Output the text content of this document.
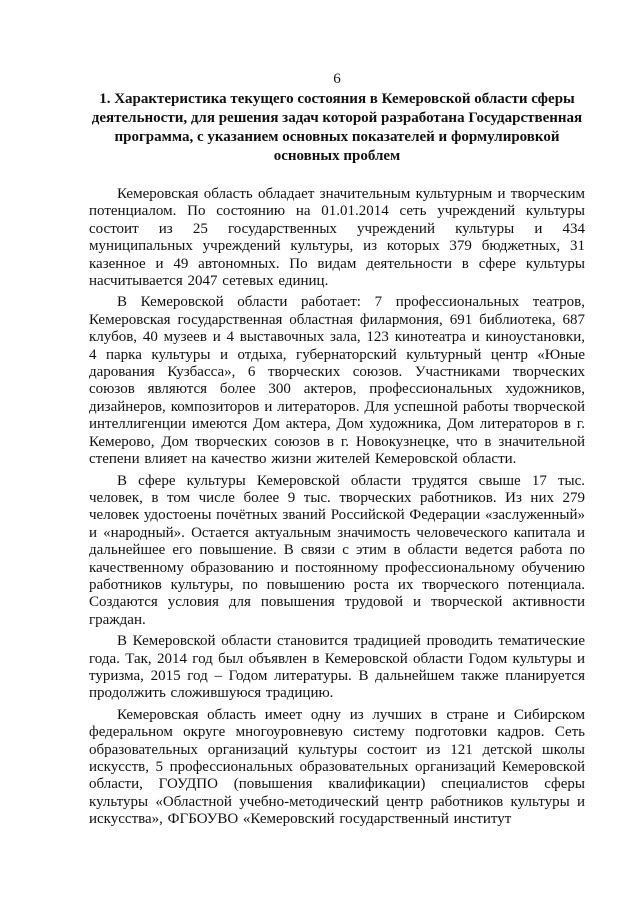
6
1. Характеристика текущего состояния в Кемеровской области сферы деятельности, для решения задач которой разработана Государственная программа, с указанием основных показателей и формулировкой основных проблем

Кемеровская область обладает значительным культурным и творческим потенциалом. По состоянию на 01.01.2014 сеть учреждений культуры состоит из 25 государственных учреждений культуры и 434 муниципальных учреждений культуры, из которых 379 бюджетных, 31 казенное и 49 автономных. По видам деятельности в сфере культуры насчитывается 2047 сетевых единиц.

В Кемеровской области работает: 7 профессиональных театров, Кемеровская государственная областная филармония, 691 библиотека, 687 клубов, 40 музеев и 4 выставочных зала, 123 кинотеатра и киноустановки, 4 парка культуры и отдыха, губернаторский культурный центр «Юные дарования Кузбасса», 6 творческих союзов. Участниками творческих союзов являются более 300 актеров, профессиональных художников, дизайнеров, композиторов и литераторов. Для успешной работы творческой интеллигенции имеются Дом актера, Дом художника, Дом литераторов в г. Кемерово, Дом творческих союзов в г. Новокузнецке, что в значительной степени влияет на качество жизни жителей Кемеровской области.

В сфере культуры Кемеровской области трудятся свыше 17 тыс. человек, в том числе более 9 тыс. творческих работников. Из них 279 человек удостоены почётных званий Российской Федерации «заслуженный» и «народный». Остается актуальным значимость человеческого капитала и дальнейшее его повышение. В связи с этим в области ведется работа по качественному образованию и постоянному профессиональному обучению работников культуры, по повышению роста их творческого потенциала. Создаются условия для повышения трудовой и творческой активности граждан.

В Кемеровской области становится традицией проводить тематические года. Так, 2014 год был объявлен в Кемеровской области Годом культуры и туризма, 2015 год – Годом литературы. В дальнейшем также планируется продолжить сложившуюся традицию.

Кемеровская область имеет одну из лучших в стране и Сибирском федеральном округе многоуровневую систему подготовки кадров. Сеть образовательных организаций культуры состоит из 121 детской школы искусств, 5 профессиональных образовательных организаций Кемеровской области, ГОУДПО (повышения квалификации) специалистов сферы культуры «Областной учебно-методический центр работников культуры и искусства», ФГБОУВО «Кемеровский государственный институт
